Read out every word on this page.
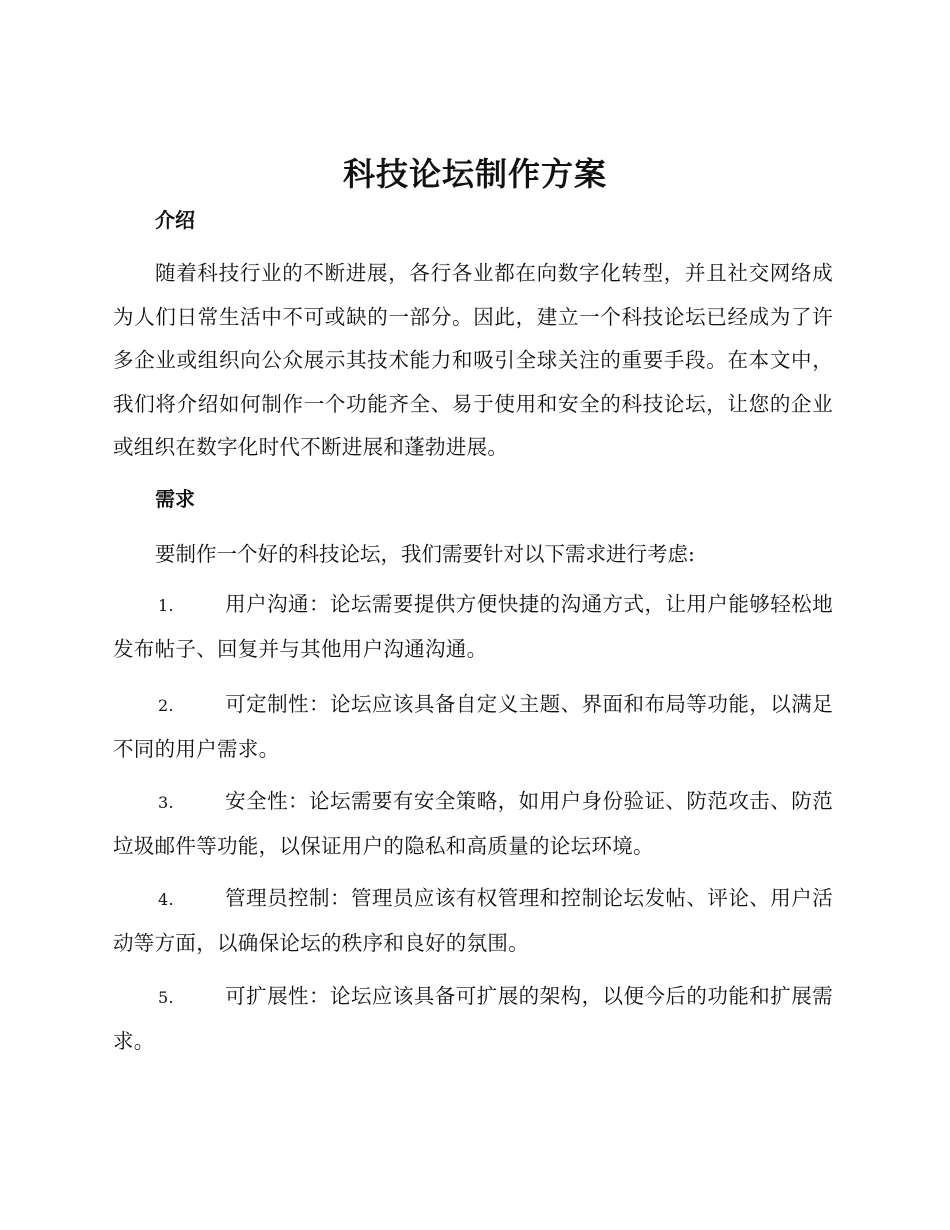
科技论坛制作方案
介绍
随着科技行业的不断进展，各行各业都在向数字化转型，并且社交网络成为人们日常生活中不可或缺的一部分。因此，建立一个科技论坛已经成为了许多企业或组织向公众展示其技术能力和吸引全球关注的重要手段。在本文中，我们将介绍如何制作一个功能齐全、易于使用和安全的科技论坛，让您的企业或组织在数字化时代不断进展和蓬勃进展。
需求
要制作一个好的科技论坛，我们需要针对以下需求进行考虑:
1. 用户沟通：论坛需要提供方便快捷的沟通方式，让用户能够轻松地发布帖子、回复并与其他用户沟通沟通。
2. 可定制性：论坛应该具备自定义主题、界面和布局等功能，以满足不同的用户需求。
3. 安全性：论坛需要有安全策略，如用户身份验证、防范攻击、防范垃圾邮件等功能，以保证用户的隐私和高质量的论坛环境。
4. 管理员控制：管理员应该有权管理和控制论坛发帖、评论、用户活动等方面，以确保论坛的秩序和良好的氛围。
5. 可扩展性：论坛应该具备可扩展的架构，以便今后的功能和扩展需求。
